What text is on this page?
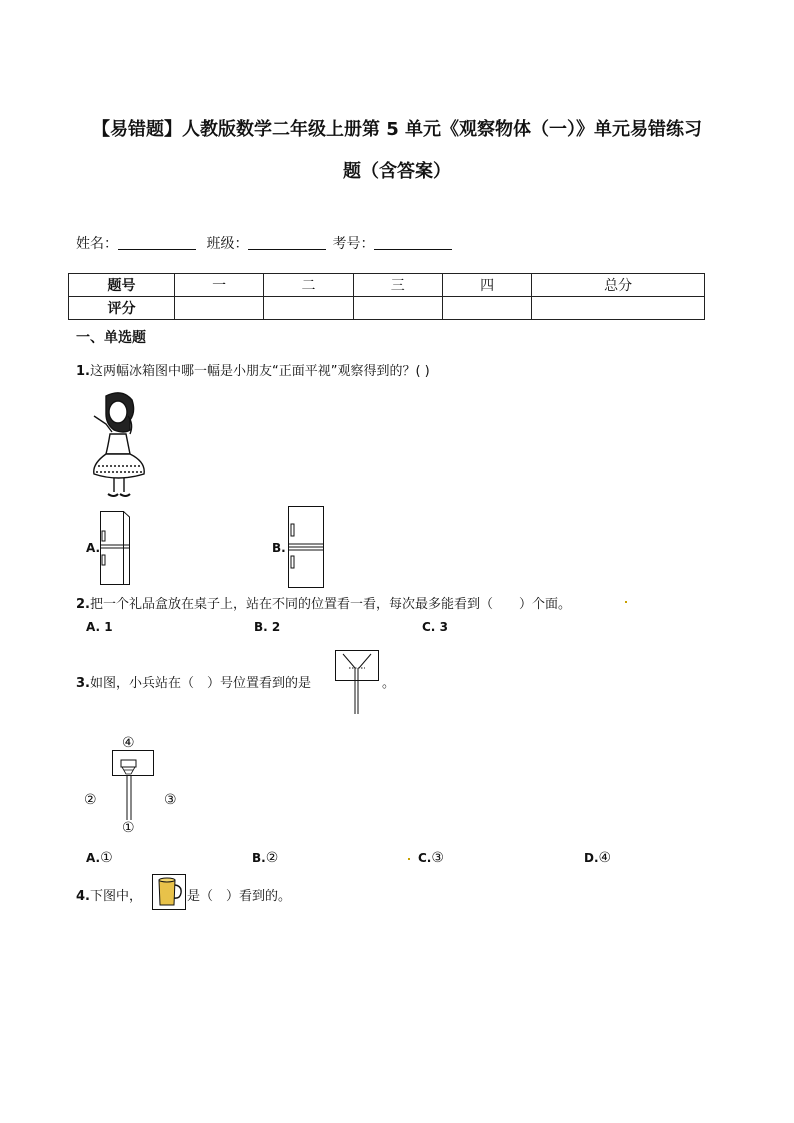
【易错题】人教版数学二年级上册第 5 单元《观察物体（一）》单元易错练习
题（含答案）
姓名：	班级：	考号：
题号	一	二	三	四	总分
评分					
一、单选题
1.这两幅冰箱图中哪一幅是小朋友“正面平视”观察得到的？( )
A.	B.
2.把一个礼品盒放在桌子上，站在不同的位置看一看，每次最多能看到（　　）个面。
A. 1	B. 2	C. 3
3.如图，小兵站在（　）号位置看到的是	。
④
②	③
①
A.①	B.②	C.③	D.④
4.下图中，	是（　）看到的。
